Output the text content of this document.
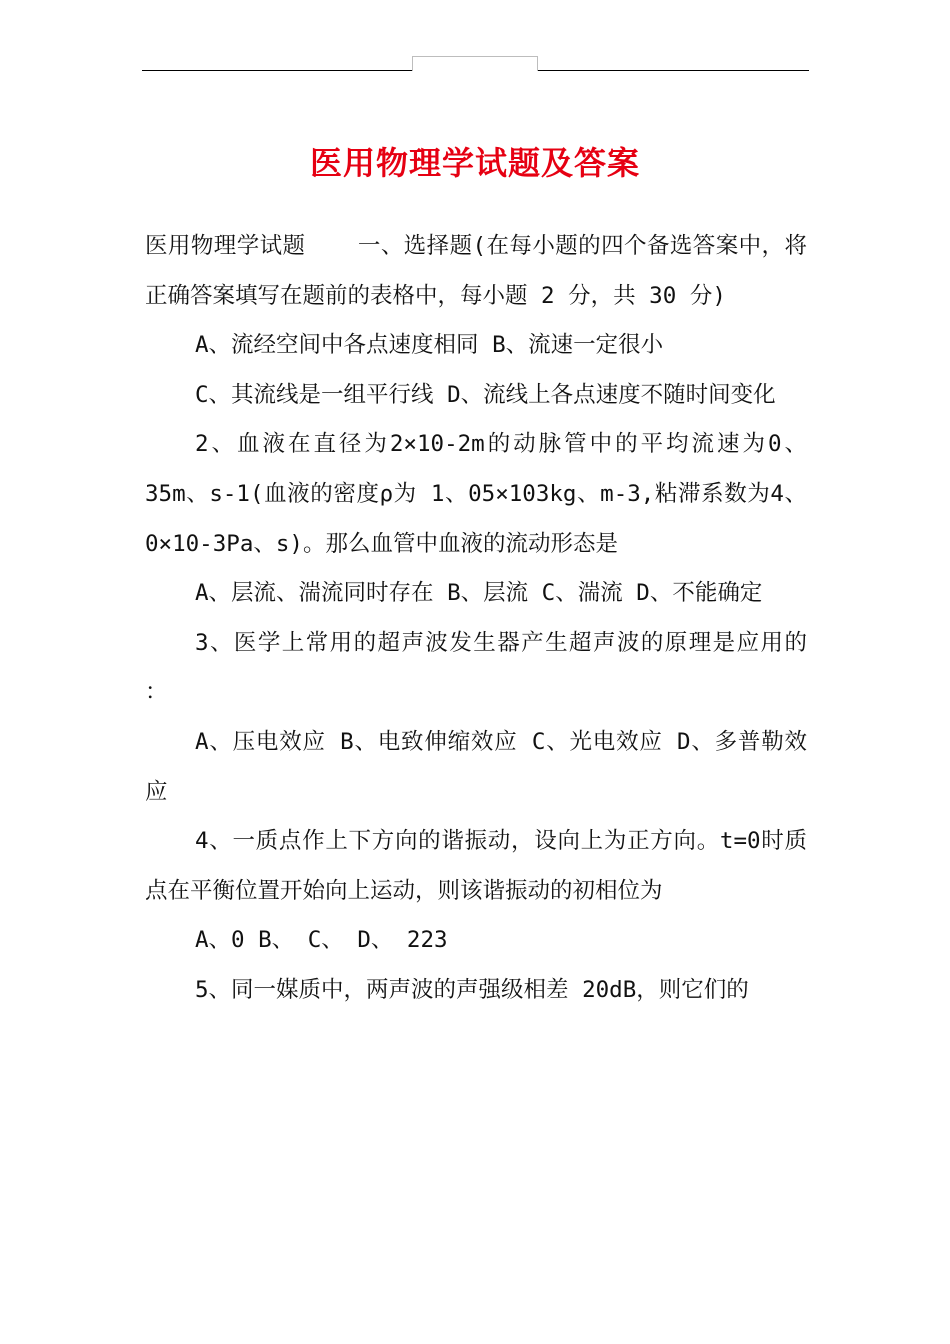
医用物理学试题及答案

医用物理学试题 一、选择题(在每小题的四个备选答案中，将正确答案填写在题前的表格中，每小题 2 分，共 30 分)

A、流经空间中各点速度相同 B、流速一定很小

C、其流线是一组平行线 D、流线上各点速度不随时间变化

2、血液在直径为2×10-2m的动脉管中的平均流速为0、35m、s-1(血液的密度ρ为 1、05×103kg、m-3,粘滞系数为4、0×10-3Pa、s)。那么血管中血液的流动形态是

A、层流、湍流同时存在 B、层流 C、湍流 D、不能确定

3、医学上常用的超声波发生器产生超声波的原理是应用的 ：

A、压电效应 B、电致伸缩效应 C、光电效应 D、多普勒效应

4、一质点作上下方向的谐振动，设向上为正方向。t=0时质点在平衡位置开始向上运动，则该谐振动的初相位为

A、0 B、 C、 D、 223

5、同一媒质中，两声波的声强级相差 20dB，则它们的
